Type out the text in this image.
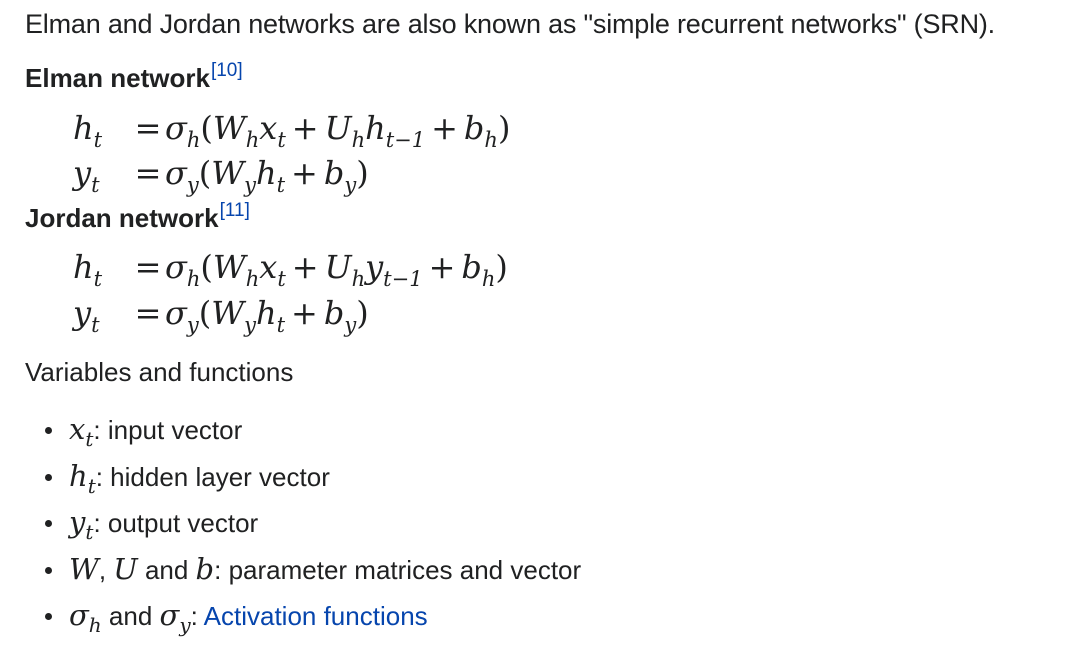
Elman and Jordan networks are also known as "simple recurrent networks" (SRN).
Elman network[10]
$h_t = \sigma_h(W_hx_t + U_hh_{t-1} + b_h)$
$y_t = \sigma_y(W_yh_t + b_y)$
Jordan network[11]
$h_t = \sigma_h(W_hx_t + U_hy_{t-1} + b_h)$
$y_t = \sigma_y(W_yh_t + b_y)$
Variables and functions
$x_t$: input vector
$h_t$: hidden layer vector
$y_t$: output vector
W, U and b: parameter matrices and vector
$\sigma_h$ and $\sigma_y$: Activation functions
